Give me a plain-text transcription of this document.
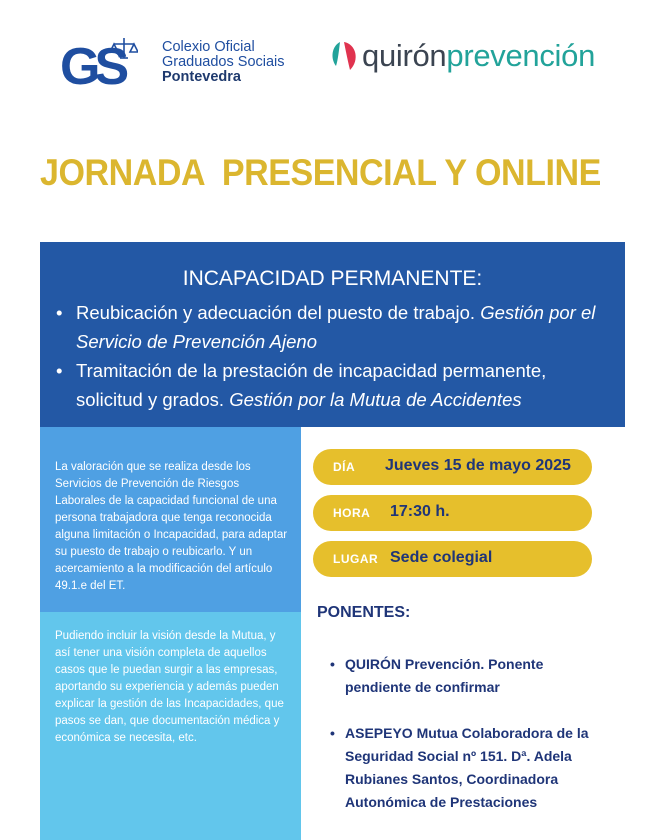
GS	Colexio Oficial
Graduados Sociais
Pontevedra
quirónprevención
JORNADA  PRESENCIAL Y ONLINE
INCAPACIDAD PERMANENTE:
• Reubicación y adecuación del puesto de trabajo. Gestión por el Servicio de Prevención Ajeno
• Tramitación de la prestación de incapacidad permanente, solicitud y grados. Gestión por la Mutua de Accidentes
La valoración que se realiza desde los Servicios de Prevención de Riesgos Laborales de la capacidad funcional de una persona trabajadora que tenga reconocida alguna limitación o Incapacidad, para adaptar su puesto de trabajo o reubicarlo. Y un acercamiento a la modificación del artículo 49.1.e del ET.
Pudiendo incluir la visión desde la Mutua, y así tener una visión completa de aquellos casos que le puedan surgir a las empresas, aportando su experiencia y además pueden explicar la gestión de las Incapacidades, que pasos se dan, que documentación médica y económica se necesita, etc.
DÍA Jueves 15 de mayo 2025
HORA 17:30 h.
LUGAR Sede colegial
PONENTES:
• QUIRÓN Prevención. Ponente pendiente de confirmar
• ASEPEYO Mutua Colaboradora de la Seguridad Social nº 151. Dª. Adela Rubianes Santos, Coordinadora Autonómica de Prestaciones
